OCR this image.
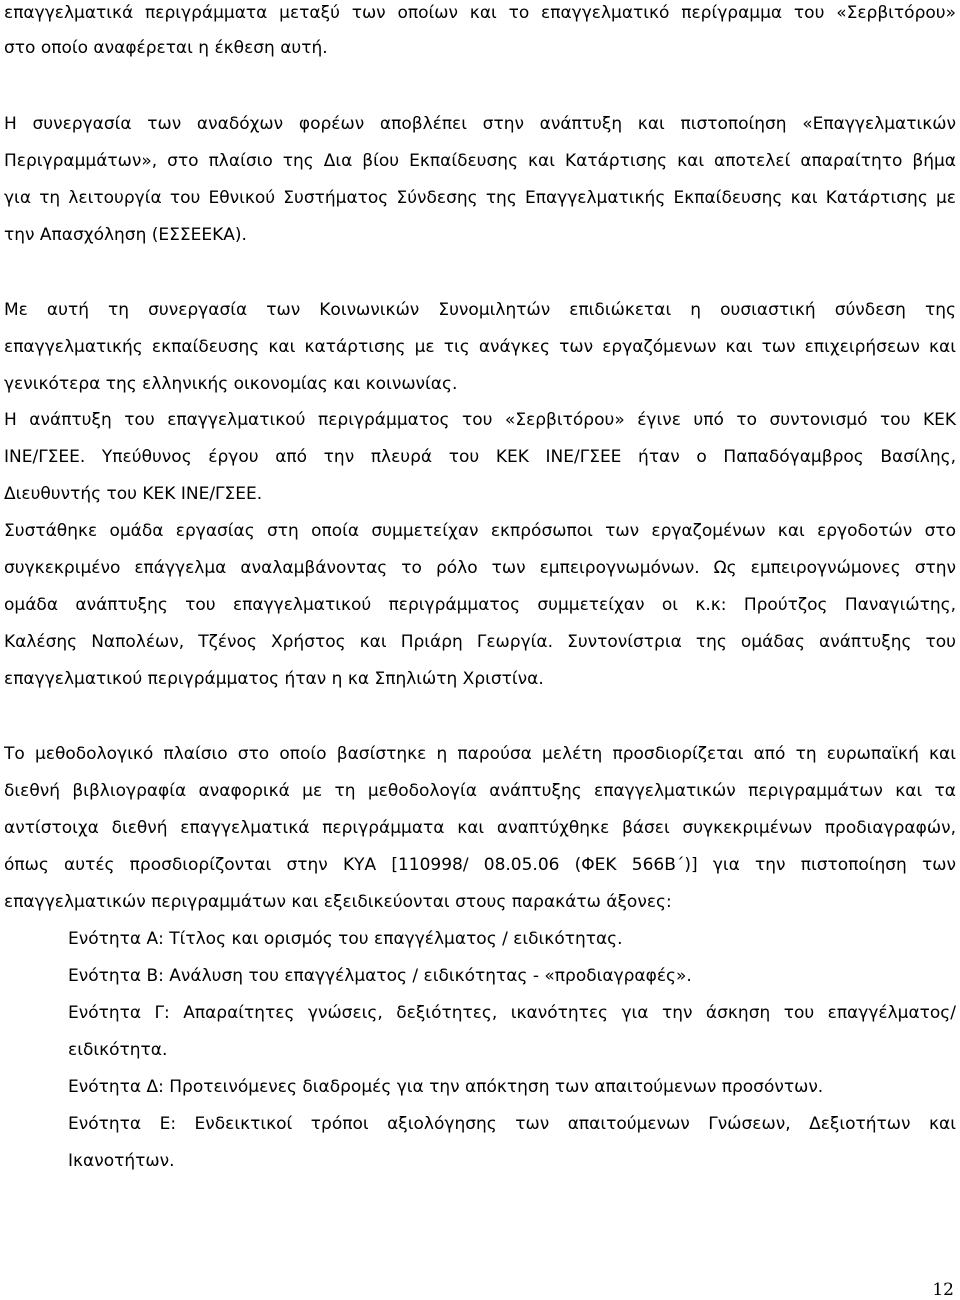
επαγγελματικά περιγράμματα μεταξύ των οποίων και το επαγγελματικό περίγραμμα του «Σερβιτόρου»
στο οποίο αναφέρεται η έκθεση αυτή.
Η συνεργασία των αναδόχων φορέων αποβλέπει στην ανάπτυξη και πιστοποίηση «Επαγγελματικών
Περιγραμμάτων», στο πλαίσιο της Δια βίου Εκπαίδευσης και Κατάρτισης και αποτελεί απαραίτητο βήμα
για τη λειτουργία του Εθνικού Συστήματος Σύνδεσης της Επαγγελματικής Εκπαίδευσης και Κατάρτισης με
την Απασχόληση (ΕΣΣΕΕΚΑ).
Με αυτή τη συνεργασία των Κοινωνικών Συνομιλητών επιδιώκεται η ουσιαστική σύνδεση της
επαγγελματικής εκπαίδευσης και κατάρτισης με τις ανάγκες των εργαζόμενων και των επιχειρήσεων και
γενικότερα της ελληνικής οικονομίας και κοινωνίας.
Η ανάπτυξη του επαγγελματικού περιγράμματος του «Σερβιτόρου» έγινε υπό το συντονισμό του ΚΕΚ
ΙΝΕ/ΓΣΕΕ. Υπεύθυνος έργου από την πλευρά του ΚΕΚ ΙΝΕ/ΓΣΕΕ ήταν ο Παπαδόγαμβρος Βασίλης,
Διευθυντής του ΚΕΚ ΙΝΕ/ΓΣΕΕ.
Συστάθηκε ομάδα εργασίας στη οποία συμμετείχαν εκπρόσωποι των εργαζομένων και εργοδοτών στο
συγκεκριμένο επάγγελμα αναλαμβάνοντας το ρόλο των εμπειρογνωμόνων. Ως εμπειρογνώμονες στην
ομάδα ανάπτυξης του επαγγελματικού περιγράμματος συμμετείχαν οι κ.κ: Προύτζος Παναγιώτης,
Καλέσης Ναπολέων, Τζένος Χρήστος και Πριάρη Γεωργία. Συντονίστρια της ομάδας ανάπτυξης του
επαγγελματικού περιγράμματος ήταν η κα Σπηλιώτη Χριστίνα.
Το μεθοδολογικό πλαίσιο στο οποίο βασίστηκε η παρούσα μελέτη προσδιορίζεται από τη ευρωπαϊκή και
διεθνή βιβλιογραφία αναφορικά με τη μεθοδολογία ανάπτυξης επαγγελματικών περιγραμμάτων και τα
αντίστοιχα διεθνή επαγγελματικά περιγράμματα και αναπτύχθηκε βάσει συγκεκριμένων προδιαγραφών,
όπως αυτές προσδιορίζονται στην ΚΥΑ [110998/ 08.05.06 (ΦΕΚ 566Β΄)] για την πιστοποίηση των
επαγγελματικών περιγραμμάτων και εξειδικεύονται στους παρακάτω άξονες:
Ενότητα Α: Τίτλος και ορισμός του επαγγέλματος / ειδικότητας.
Ενότητα Β: Ανάλυση του επαγγέλματος / ειδικότητας - «προδιαγραφές».
Ενότητα Γ: Απαραίτητες γνώσεις, δεξιότητες, ικανότητες για την άσκηση του επαγγέλματος/
ειδικότητα.
Ενότητα Δ: Προτεινόμενες διαδρομές για την απόκτηση των απαιτούμενων προσόντων.
Ενότητα Ε: Ενδεικτικοί τρόποι αξιολόγησης των απαιτούμενων Γνώσεων, Δεξιοτήτων και
Ικανοτήτων.
12
